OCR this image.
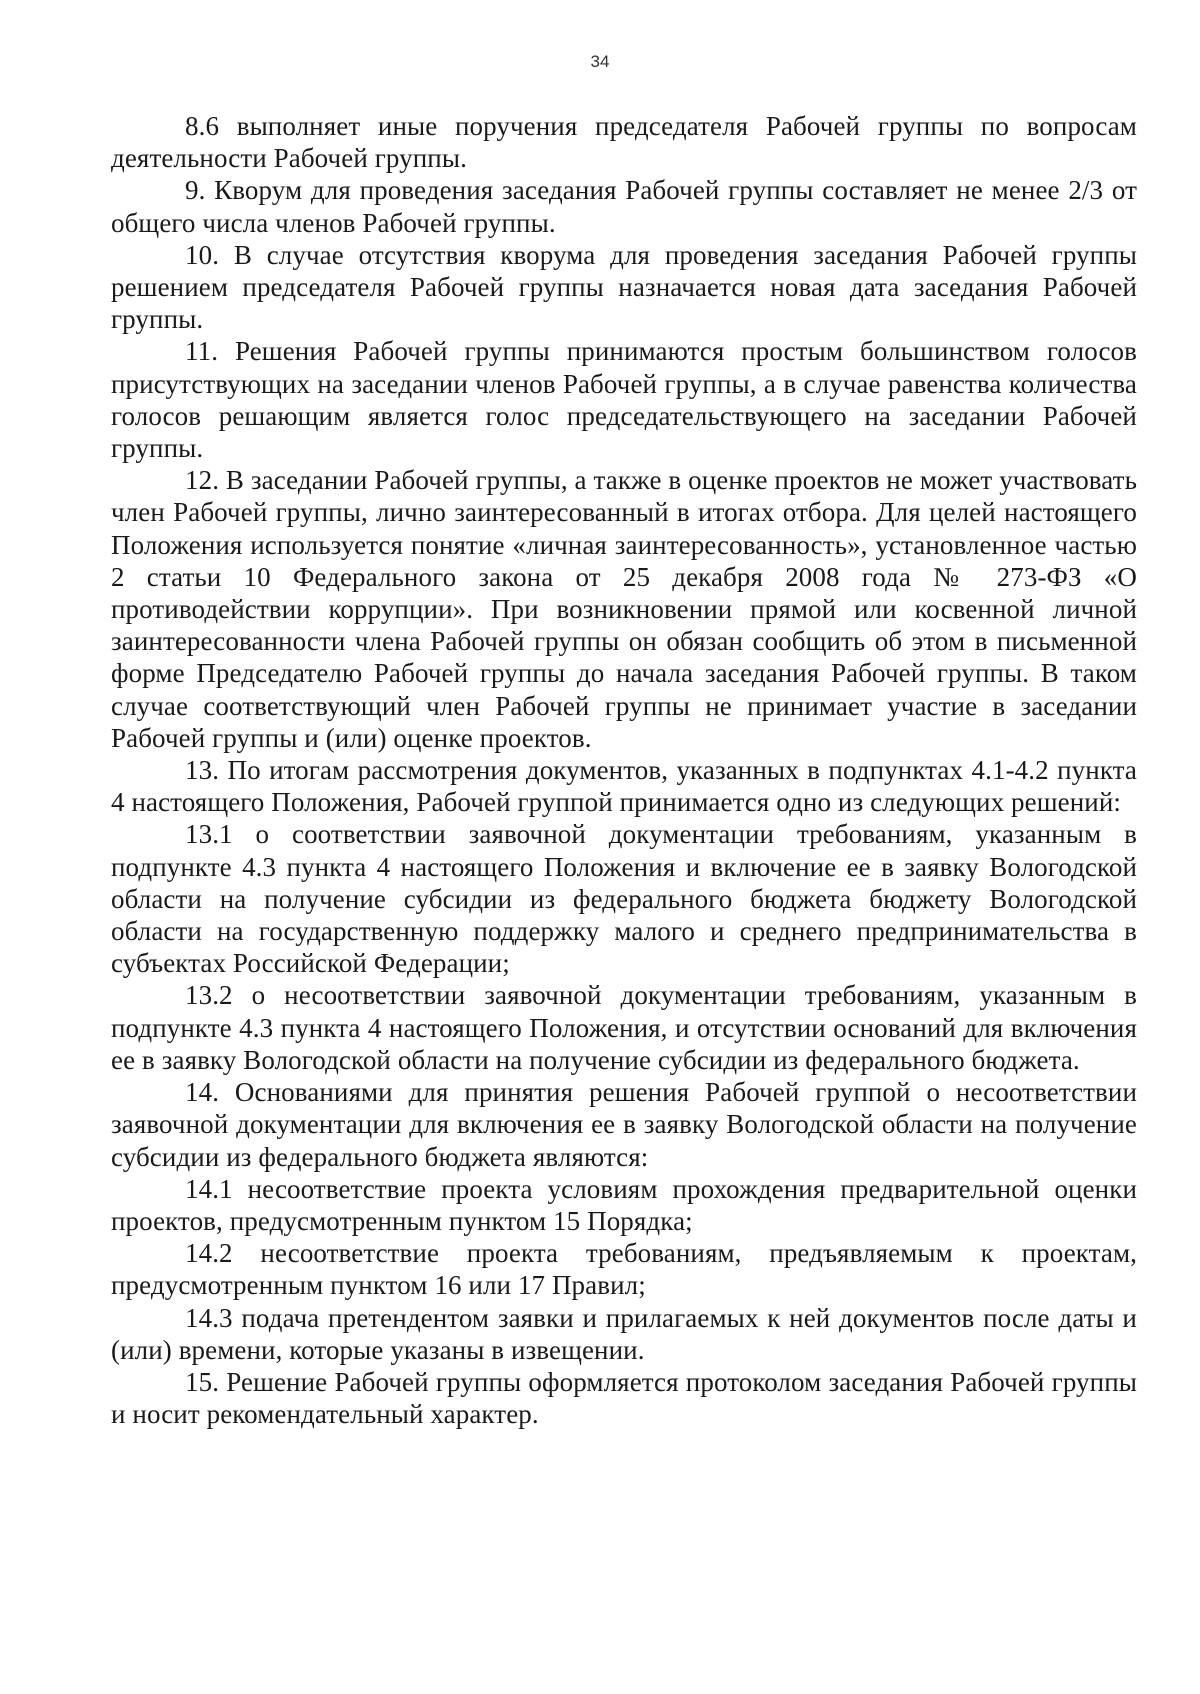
34

8.6 выполняет иные поручения председателя Рабочей группы по вопросам деятельности Рабочей группы.

9. Кворум для проведения заседания Рабочей группы составляет не менее 2/3 от общего числа членов Рабочей группы.

10. В случае отсутствия кворума для проведения заседания Рабочей группы решением председателя Рабочей группы назначается новая дата заседания Рабочей группы.

11. Решения Рабочей группы принимаются простым большинством голосов присутствующих на заседании членов Рабочей группы, а в случае равенства количества голосов решающим является голос председательствующего на заседании Рабочей группы.

12. В заседании Рабочей группы, а также в оценке проектов не может участвовать член Рабочей группы, лично заинтересованный в итогах отбора. Для целей настоящего Положения используется понятие «личная заинтересованность», установленное частью 2 статьи 10 Федерального закона от 25 декабря 2008 года № 273-ФЗ «О противодействии коррупции». При возникновении прямой или косвенной личной заинтересованности члена Рабочей группы он обязан сообщить об этом в письменной форме Председателю Рабочей группы до начала заседания Рабочей группы. В таком случае соответствующий член Рабочей группы не принимает участие в заседании Рабочей группы и (или) оценке проектов.

13. По итогам рассмотрения документов, указанных в подпунктах 4.1-4.2 пункта 4 настоящего Положения, Рабочей группой принимается одно из следующих решений:

13.1 о соответствии заявочной документации требованиям, указанным в подпункте 4.3 пункта 4 настоящего Положения и включение ее в заявку Вологодской области на получение субсидии из федерального бюджета бюджету Вологодской области на государственную поддержку малого и среднего предпринимательства в субъектах Российской Федерации;

13.2 о несоответствии заявочной документации требованиям, указанным в подпункте 4.3 пункта 4 настоящего Положения, и отсутствии оснований для включения ее в заявку Вологодской области на получение субсидии из федерального бюджета.

14. Основаниями для принятия решения Рабочей группой о несоответствии заявочной документации для включения ее в заявку Вологодской области на получение субсидии из федерального бюджета являются:

14.1 несоответствие проекта условиям прохождения предварительной оценки проектов, предусмотренным пунктом 15 Порядка;

14.2 несоответствие проекта требованиям, предъявляемым к проектам, предусмотренным пунктом 16 или 17 Правил;

14.3 подача претендентом заявки и прилагаемых к ней документов после даты и (или) времени, которые указаны в извещении.

15. Решение Рабочей группы оформляется протоколом заседания Рабочей группы и носит рекомендательный характер.
